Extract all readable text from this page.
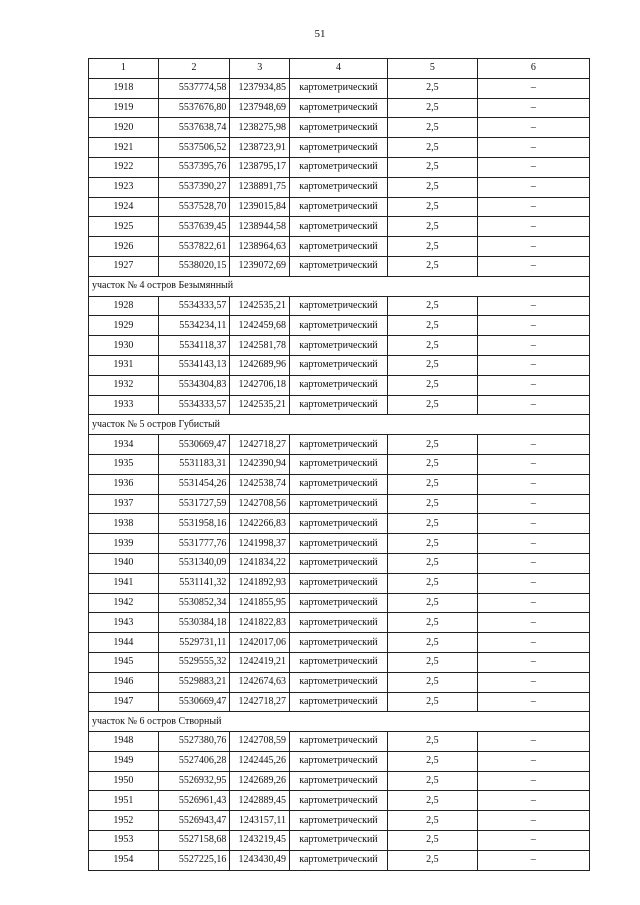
51
1	2	3	4	5	6
1918	5537774,58	1237934,85	картометрический	2,5	–
1919	5537676,80	1237948,69	картометрический	2,5	–
1920	5537638,74	1238275,98	картометрический	2,5	–
1921	5537506,52	1238723,91	картометрический	2,5	–
1922	5537395,76	1238795,17	картометрический	2,5	–
1923	5537390,27	1238891,75	картометрический	2,5	–
1924	5537528,70	1239015,84	картометрический	2,5	–
1925	5537639,45	1238944,58	картометрический	2,5	–
1926	5537822,61	1238964,63	картометрический	2,5	–
1927	5538020,15	1239072,69	картометрический	2,5	–
участок № 4 остров Безымянный					
1928	5534333,57	1242535,21	картометрический	2,5	–
1929	5534234,11	1242459,68	картометрический	2,5	–
1930	5534118,37	1242581,78	картометрический	2,5	–
1931	5534143,13	1242689,96	картометрический	2,5	–
1932	5534304,83	1242706,18	картометрический	2,5	–
1933	5534333,57	1242535,21	картометрический	2,5	–
участок № 5 остров Губистый					
1934	5530669,47	1242718,27	картометрический	2,5	–
1935	5531183,31	1242390,94	картометрический	2,5	–
1936	5531454,26	1242538,74	картометрический	2,5	–
1937	5531727,59	1242708,56	картометрический	2,5	–
1938	5531958,16	1242266,83	картометрический	2,5	–
1939	5531777,76	1241998,37	картометрический	2,5	–
1940	5531340,09	1241834,22	картометрический	2,5	–
1941	5531141,32	1241892,93	картометрический	2,5	–
1942	5530852,34	1241855,95	картометрический	2,5	–
1943	5530384,18	1241822,83	картометрический	2,5	–
1944	5529731,11	1242017,06	картометрический	2,5	–
1945	5529555,32	1242419,21	картометрический	2,5	–
1946	5529883,21	1242674,63	картометрический	2,5	–
1947	5530669,47	1242718,27	картометрический	2,5	–
участок № 6 остров Створный					
1948	5527380,76	1242708,59	картометрический	2,5	–
1949	5527406,28	1242445,26	картометрический	2,5	–
1950	5526932,95	1242689,26	картометрический	2,5	–
1951	5526961,43	1242889,45	картометрический	2,5	–
1952	5526943,47	1243157,11	картометрический	2,5	–
1953	5527158,68	1243219,45	картометрический	2,5	–
1954	5527225,16	1243430,49	картометрический	2,5	–
